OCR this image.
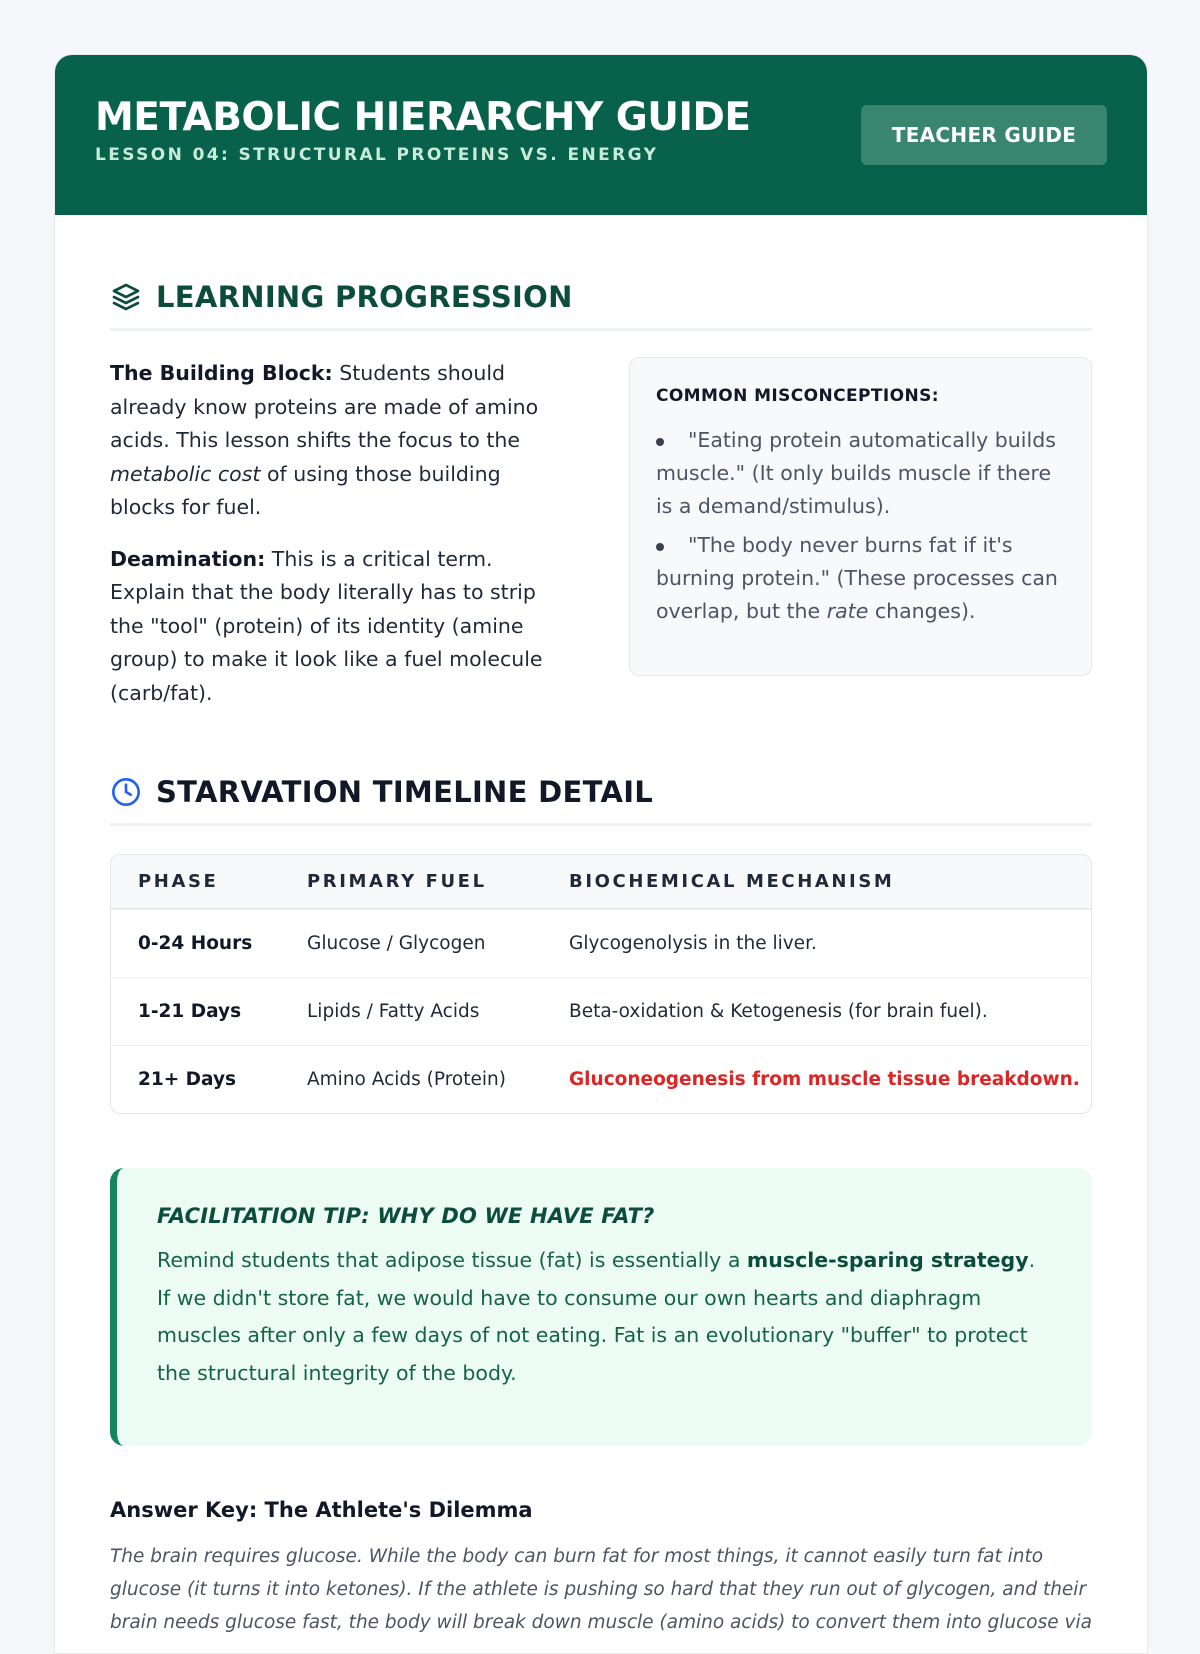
METABOLIC HIERARCHY GUIDE
LESSON 04: STRUCTURAL PROTEINS VS. ENERGY
TEACHER GUIDE
LEARNING PROGRESSION

The Building Block: Students should already know proteins are made of amino acids. This lesson shifts the focus to the metabolic cost of using those building blocks for fuel.

Deamination: This is a critical term. Explain that the body literally has to strip the "tool" (protein) of its identity (amine group) to make it look like a fuel molecule (carb/fat).

COMMON MISCONCEPTIONS:
"Eating protein automatically builds muscle." (It only builds muscle if there is a demand/stimulus).
"The body never burns fat if it's burning protein." (These processes can overlap, but the rate changes).
STARVATION TIMELINE DETAIL
PHASE	PRIMARY FUEL	BIOCHEMICAL MECHANISM
0-24 Hours	Glucose / Glycogen	Glycogenolysis in the liver.
1-21 Days	Lipids / Fatty Acids	Beta-oxidation & Ketogenesis (for brain fuel).
21+ Days	Amino Acids (Protein)	Gluconeogenesis from muscle tissue breakdown.
FACILITATION TIP: WHY DO WE HAVE FAT?
Remind students that adipose tissue (fat) is essentially a muscle-sparing strategy. If we didn't store fat, we would have to consume our own hearts and diaphragm muscles after only a few days of not eating. Fat is an evolutionary "buffer" to protect the structural integrity of the body.
Answer Key: The Athlete's Dilemma
The brain requires glucose. While the body can burn fat for most things, it cannot easily turn fat into glucose (it turns it into ketones). If the athlete is pushing so hard that they run out of glycogen, and their brain needs glucose fast, the body will break down muscle (amino acids) to convert them into glucose via
